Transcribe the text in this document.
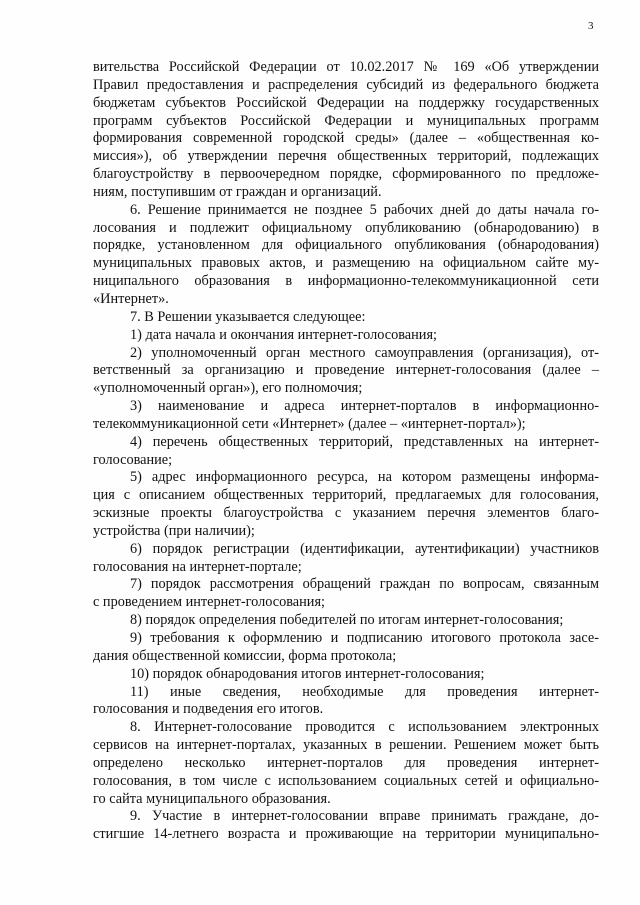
3
вительства Российской Федерации от 10.02.2017 № 169 «Об утверждении
Правил предоставления и распределения субсидий из федерального бюджета
бюджетам субъектов Российской Федерации на поддержку государственных
программ субъектов Российской Федерации и муниципальных программ
формирования современной городской среды» (далее – «общественная ко-
миссия»), об утверждении перечня общественных территорий, подлежащих
благоустройству в первоочередном порядке, сформированного по предложе-
ниям, поступившим от граждан и организаций.
6. Решение принимается не позднее 5 рабочих дней до даты начала го-
лосования и подлежит официальному опубликованию (обнародованию) в
порядке, установленном для официального опубликования (обнародования)
муниципальных правовых актов, и размещению на официальном сайте му-
ниципального образования в информационно-телекоммуникационной сети
«Интернет».
7. В Решении указывается следующее:
1) дата начала и окончания интернет-голосования;
2) уполномоченный орган местного самоуправления (организация), от-
ветственный за организацию и проведение интернет-голосования (далее –
«уполномоченный орган»), его полномочия;
3) наименование и адреса интернет-порталов в информационно-
телекоммуникационной сети «Интернет» (далее – «интернет-портал»);
4) перечень общественных территорий, представленных на интернет-
голосование;
5) адрес информационного ресурса, на котором размещены информа-
ция с описанием общественных территорий, предлагаемых для голосования,
эскизные проекты благоустройства с указанием перечня элементов благо-
устройства (при наличии);
6) порядок регистрации (идентификации, аутентификации) участников
голосования на интернет-портале;
7) порядок рассмотрения обращений граждан по вопросам, связанным
с проведением интернет-голосования;
8) порядок определения победителей по итогам интернет-голосования;
9) требования к оформлению и подписанию итогового протокола засе-
дания общественной комиссии, форма протокола;
10) порядок обнародования итогов интернет-голосования;
11) иные сведения, необходимые для проведения интернет-
голосования и подведения его итогов.
8. Интернет-голосование проводится с использованием электронных
сервисов на интернет-порталах, указанных в решении. Решением может быть
определено несколько интернет-порталов для проведения интернет-
голосования, в том числе с использованием социальных сетей и официально-
го сайта муниципального образования.
9. Участие в интернет-голосовании вправе принимать граждане, до-
стигшие 14-летнего возраста и проживающие на территории муниципально-
